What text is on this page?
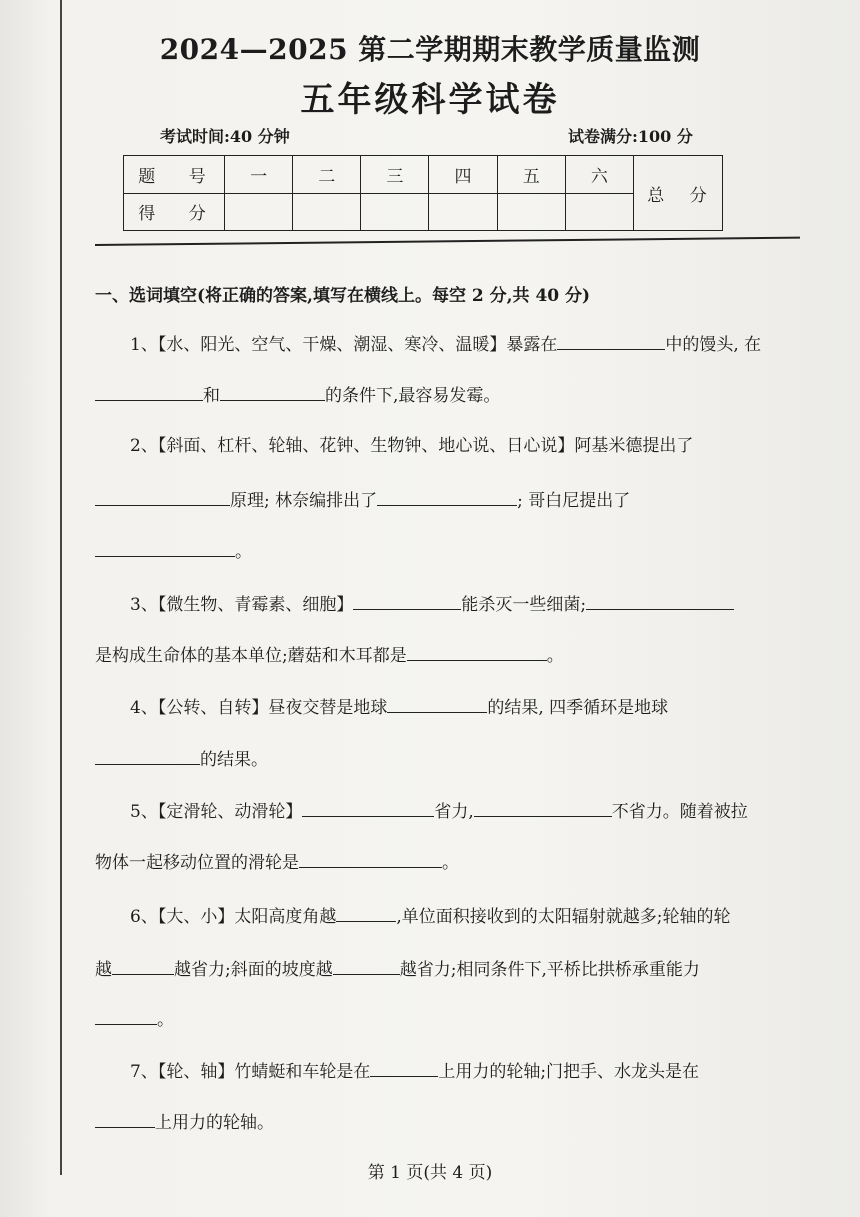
2024—2025 第二学期期末教学质量监测
五年级科学试卷
考试时间:40 分钟	试卷满分:100 分
题 号	一	二	三	四	五	六	总 分
得 分							
一、选词填空(将正确的答案,填写在横线上。每空 2 分,共 40 分)
1、【水、阳光、空气、干燥、潮湿、寒冷、温暖】暴露在	中的馒头, 在
和	的条件下,最容易发霉。
2、【斜面、杠杆、轮轴、花钟、生物钟、地心说、日心说】阿基米德提出了
原理; 林奈编排出了	; 哥白尼提出了
。
3、【微生物、青霉素、细胞】	能杀灭一些细菌;
是构成生命体的基本单位;蘑菇和木耳都是	。
4、【公转、自转】昼夜交替是地球	的结果, 四季循环是地球
的结果。
5、【定滑轮、动滑轮】	省力,	不省力。随着被拉
物体一起移动位置的滑轮是	。
6、【大、小】太阳高度角越	,单位面积接收到的太阳辐射就越多;轮轴的轮
越	越省力;斜面的坡度越	越省力;相同条件下,平桥比拱桥承重能力
。
7、【轮、轴】竹蜻蜓和车轮是在	上用力的轮轴;门把手、水龙头是在
上用力的轮轴。
第 1 页(共 4 页)
